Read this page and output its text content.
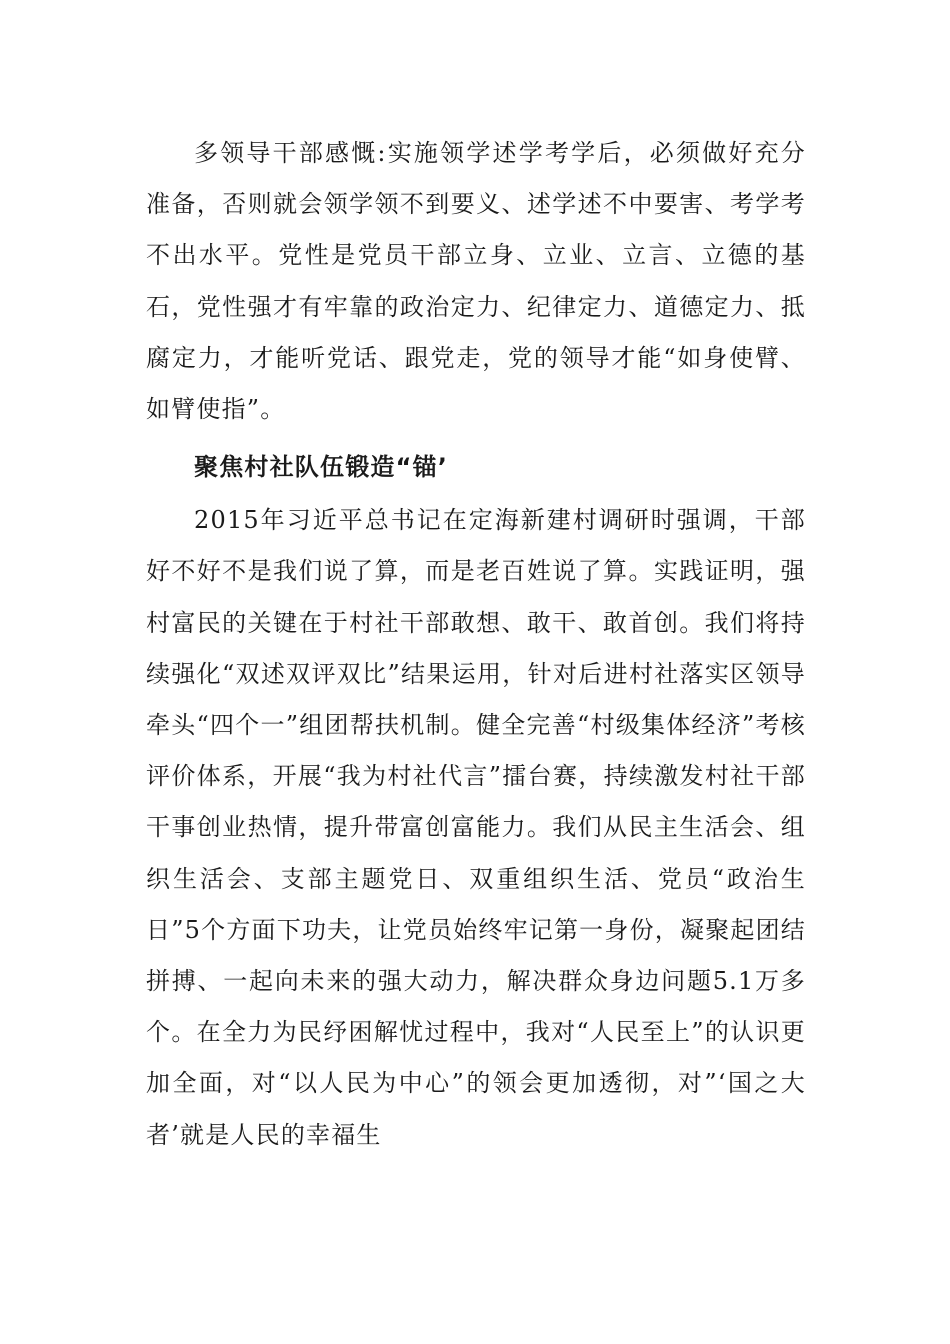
多领导干部感慨:实施领学述学考学后，必须做好充分准备，否则就会领学领不到要义、述学述不中要害、考学考不出水平。党性是党员干部立身、立业、立言、立德的基石，党性强才有牢靠的政治定力、纪律定力、道德定力、抵腐定力，才能听党话、跟党走，党的领导才能“如身使臂、如臂使指”。

聚焦村社队伍锻造“锚’

2015年习近平总书记在定海新建村调研时强调，干部好不好不是我们说了算，而是老百姓说了算。实践证明，强村富民的关键在于村社干部敢想、敢干、敢首创。我们将持续强化“双述双评双比”结果运用，针对后进村社落实区领导牵头“四个一”组团帮扶机制。健全完善“村级集体经济”考核评价体系，开展“我为村社代言”擂台赛，持续激发村社干部干事创业热情，提升带富创富能力。我们从民主生活会、组织生活会、支部主题党日、双重组织生活、党员“政治生日”5个方面下功夫，让党员始终牢记第一身份，凝聚起团结拼搏、一起向未来的强大动力，解决群众身边问题5.1万多个。在全力为民纾困解忧过程中，我对“人民至上”的认识更加全面，对“以人民为中心”的领会更加透彻，对”‘国之大者’就是人民的幸福生
